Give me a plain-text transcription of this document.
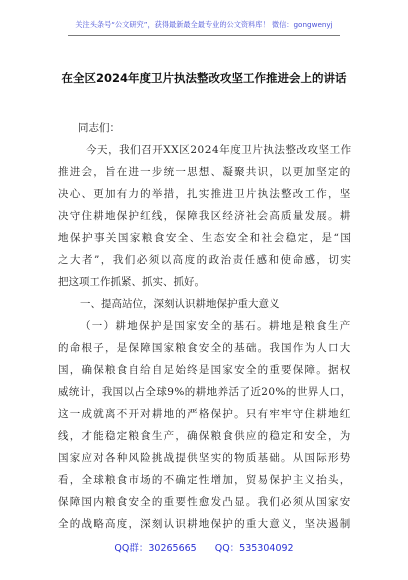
关注头条号“公文研究”，获得最新最全最专业的公文资料库！ 微信：gongwenyj
在全区2024年度卫片执法整改攻坚工作推进会上的讲话
同志们：
今天，我们召开XX区2024年度卫片执法整改攻坚工作
推进会，旨在进一步统一思想、凝聚共识，以更加坚定的
决心、更加有力的举措，扎实推进卫片执法整改工作，坚
决守住耕地保护红线，保障我区经济社会高质量发展。耕
地保护事关国家粮食安全、生态安全和社会稳定，是“国
之大者”，我们必须以高度的政治责任感和使命感，切实
把这项工作抓紧、抓实、抓好。
一、提高站位，深刻认识耕地保护重大意义
（一）耕地保护是国家安全的基石。耕地是粮食生产
的命根子，是保障国家粮食安全的基础。我国作为人口大
国，确保粮食自给自足始终是国家安全的重要保障。据权
威统计，我国以占全球9%的耕地养活了近20%的世界人口，
这一成就离不开对耕地的严格保护。只有牢牢守住耕地红
线，才能稳定粮食生产，确保粮食供应的稳定和安全，为
国家应对各种风险挑战提供坚实的物质基础。从国际形势
看，全球粮食市场的不确定性增加，贸易保护主义抬头，
保障国内粮食安全的重要性愈发凸显。我们必须从国家安
全的战略高度，深刻认识耕地保护的重大意义，坚决遏制
QQ群：30265665 QQ：535304092
